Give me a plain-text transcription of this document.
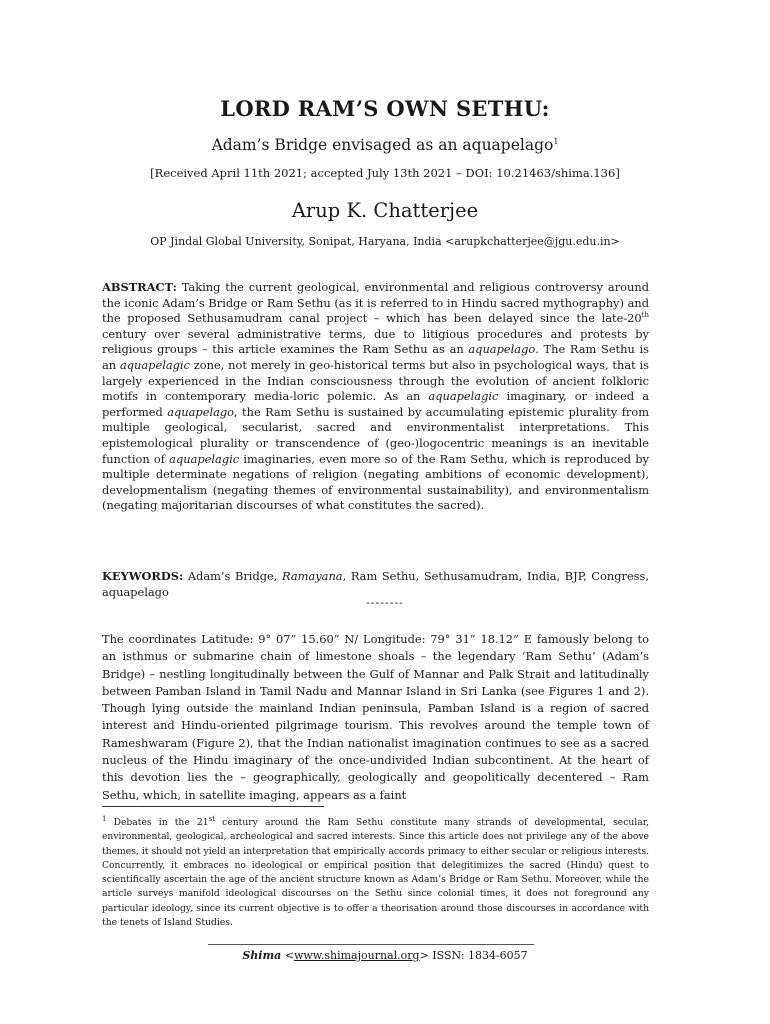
LORD RAM’S OWN SETHU:
Adam’s Bridge envisaged as an aquapelago$^1$
[Received April 11th 2021; accepted July 13th 2021 – DOI: 10.21463/shima.136]
Arup K. Chatterjee
OP Jindal Global University, Sonipat, Haryana, India <arupkchatterjee@jgu.edu.in>
ABSTRACT: Taking the current geological, environmental and religious controversy around the iconic Adam’s Bridge or Ram Sethu (as it is referred to in Hindu sacred mythography) and the proposed Sethusamudram canal project – which has been delayed since the late-20th century over several administrative terms, due to litigious procedures and protests by religious groups – this article examines the Ram Sethu as an aquapelago. The Ram Sethu is an aquapelagic zone, not merely in geo-historical terms but also in psychological ways, that is largely experienced in the Indian consciousness through the evolution of ancient folkloric motifs in contemporary media-loric polemic. As an aquapelagic imaginary, or indeed a performed aquapelago, the Ram Sethu is sustained by accumulating epistemic plurality from multiple geological, secularist, sacred and environmentalist interpretations. This epistemological plurality or transcendence of (geo-)logocentric meanings is an inevitable function of aquapelagic imaginaries, even more so of the Ram Sethu, which is reproduced by multiple determinate negations of religion (negating ambitions of economic development), developmentalism (negating themes of environmental sustainability), and environmentalism (negating majoritarian discourses of what constitutes the sacred).
KEYWORDS: Adam’s Bridge, Ramayana, Ram Sethu, Sethusamudram, India, BJP, Congress, aquapelago
--------
The coordinates Latitude: 9° 07” 15.60” N/ Longitude: 79° 31” 18.12” E famously belong to an isthmus or submarine chain of limestone shoals – the legendary ‘Ram Sethu’ (Adam’s Bridge) – nestling longitudinally between the Gulf of Mannar and Palk Strait and latitudinally between Pamban Island in Tamil Nadu and Mannar Island in Sri Lanka (see Figures 1 and 2). Though lying outside the mainland Indian peninsula, Pamban Island is a region of sacred interest and Hindu-oriented pilgrimage tourism. This revolves around the temple town of Rameshwaram (Figure 2), that the Indian nationalist imagination continues to see as a sacred nucleus of the Hindu imaginary of the once-undivided Indian subcontinent. At the heart of this devotion lies the – geographically, geologically and geopolitically decentered – Ram Sethu, which, in satellite imaging, appears as a faint
$^1$ Debates in the 21st century around the Ram Sethu constitute many strands of developmental, secular, environmental, geological, archeological and sacred interests. Since this article does not privilege any of the above themes, it should not yield an interpretation that empirically accords primacy to either secular or religious interests. Concurrently, it embraces no ideological or empirical position that delegitimizes the sacred (Hindu) quest to scientifically ascertain the age of the ancient structure known as Adam’s Bridge or Ram Sethu. Moreover, while the article surveys manifold ideological discourses on the Sethu since colonial times, it does not foreground any particular ideology, since its current objective is to offer a theorisation around those discourses in accordance with the tenets of Island Studies.
Shima <www.shimajournal.org> ISSN: 1834-6057
